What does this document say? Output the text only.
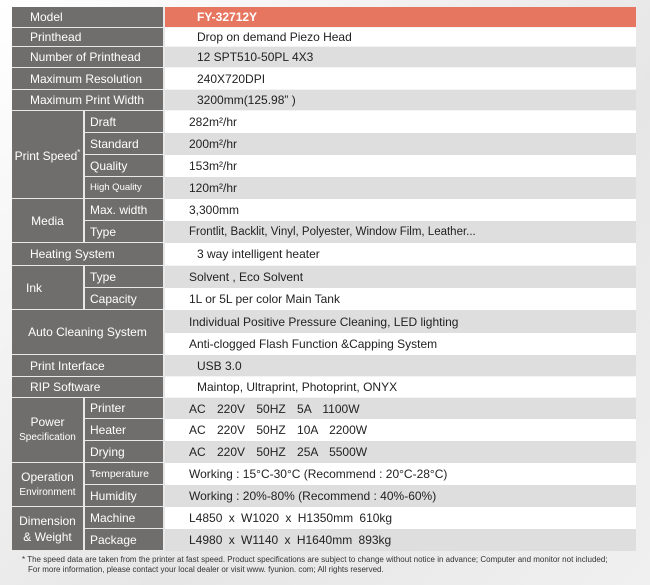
Model	FY-32712Y
Printhead	Drop on demand Piezo Head
Number of Printhead	12 SPT510-50PL 4X3
Maximum Resolution	240X720DPI
Maximum Print Width	3200mm(125.98” )
Print Speed*
Draft	282m²/hr
Standard	200m²/hr
Quality	153m²/hr
High Quality	120m²/hr
Media
Max. width	3,300mm
Type	Frontlit, Backlit, Vinyl, Polyester, Window Film, Leather...
Heating System	3 way intelligent heater
Ink
Type	Solvent , Eco Solvent
Capacity	1L or 5L per color Main Tank
Auto Cleaning System
Individual Positive Pressure Cleaning, LED lighting
Anti-clogged Flash Function &Capping System
Print Interface	USB 3.0
RIP Software	Maintop, Ultraprint, Photoprint, ONYX
Power
Specification
Printer	AC 220V 50HZ 5A 1100W
Heater	AC 220V 50HZ 10A 2200W
Drying	AC 220V 50HZ 25A 5500W
Operation
Environment
Temperature	Working : 15°C-30°C (Recommend : 20°C-28°C)
Humidity	Working : 20%-80% (Recommend : 40%-60%)
Dimension
& Weight
Machine	L4850 x W1020 x H1350mm 610kg
Package	L4980 x W1140 x H1640mm 893kg
* The speed data are taken from the printer at fast speed. Product specifications are subject to change without notice in advance; Computer and monitor not included;
For more information, please contact your local dealer or visit www. fyunion. com; All rights reserved.
